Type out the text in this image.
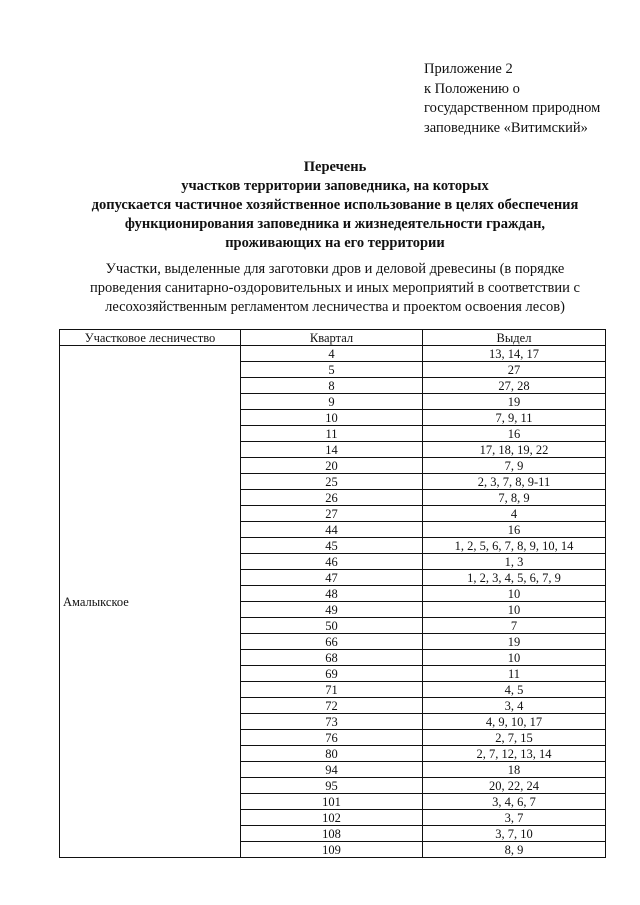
Приложение 2
к Положению о
государственном природном
заповеднике «Витимский»
Перечень
участков территории заповедника, на которых
допускается частичное хозяйственное использование в целях обеспечения
функционирования заповедника и жизнедеятельности граждан,
проживающих на его территории
Участки, выделенные для заготовки дров и деловой древесины (в порядке
проведения санитарно-оздоровительных и иных мероприятий в соответствии с
лесохозяйственным регламентом лесничества и проектом освоения лесов)
Участковое лесничество	Квартал	Выдел
Амалыкское	4	13, 14, 17
	5	27
	8	27, 28
	9	19
	10	7, 9, 11
	11	16
	14	17, 18, 19, 22
	20	7, 9
	25	2, 3, 7, 8, 9-11
	26	7, 8, 9
	27	4
	44	16
	45	1, 2, 5, 6, 7, 8, 9, 10, 14
	46	1, 3
	47	1, 2, 3, 4, 5, 6, 7, 9
	48	10
	49	10
	50	7
	66	19
	68	10
	69	11
	71	4, 5
	72	3, 4
	73	4, 9, 10, 17
	76	2, 7, 15
	80	2, 7, 12, 13, 14
	94	18
	95	20, 22, 24
	101	3, 4, 6, 7
	102	3, 7
	108	3, 7, 10
	109	8, 9
